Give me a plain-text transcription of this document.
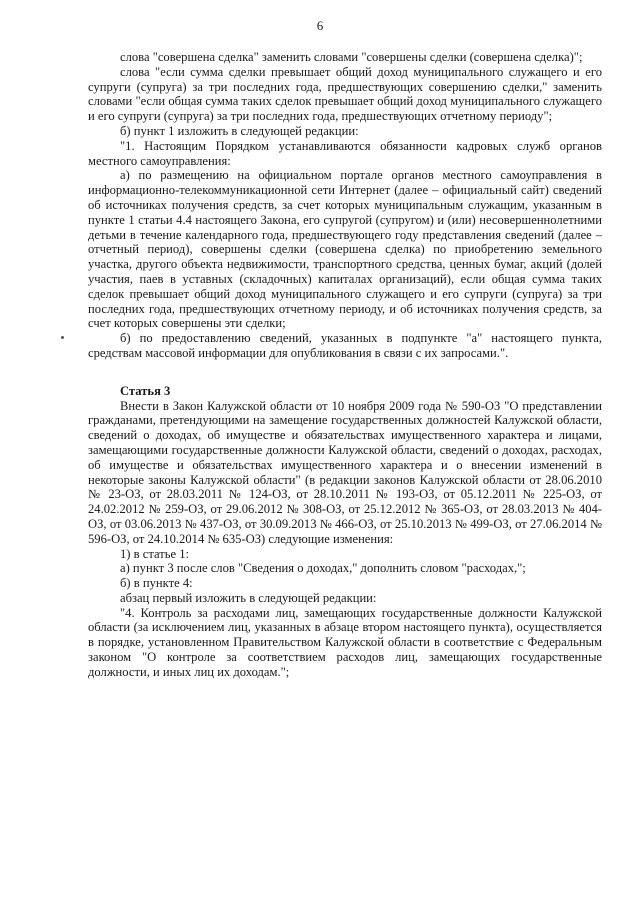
6

слова "совершена сделка" заменить словами "совершены сделки (совершена сделка)";

слова "если сумма сделки превышает общий доход муниципального служащего и его супруги (супруга) за три последних года, предшествующих совершению сделки," заменить словами "если общая сумма таких сделок превышает общий доход муниципального служащего и его супруги (супруга) за три последних года, предшествующих отчетному периоду";

б) пункт 1 изложить в следующей редакции:

"1. Настоящим Порядком устанавливаются обязанности кадровых служб органов местного самоуправления:

а) по размещению на официальном портале органов местного самоуправления в информационно-телекоммуникационной сети Интернет (далее – официальный сайт) сведений об источниках получения средств, за счет которых муниципальным служащим, указанным в пункте 1 статьи 4.4 настоящего Закона, его супругой (супругом) и (или) несовершеннолетними детьми в течение календарного года, предшествующего году представления сведений (далее – отчетный период), совершены сделки (совершена сделка) по приобретению земельного участка, другого объекта недвижимости, транспортного средства, ценных бумаг, акций (долей участия, паев в уставных (складочных) капиталах организаций), если общая сумма таких сделок превышает общий доход муниципального служащего и его супруги (супруга) за три последних года, предшествующих отчетному периоду, и об источниках получения средств, за счет которых совершены эти сделки;

б) по предоставлению сведений, указанных в подпункте "а" настоящего пункта, средствам массовой информации для опубликования в связи с их запросами.".

Статья 3

Внести в Закон Калужской области от 10 ноября 2009 года № 590-ОЗ "О представлении гражданами, претендующими на замещение государственных должностей Калужской области, сведений о доходах, об имуществе и обязательствах имущественного характера и лицами, замещающими государственные должности Калужской области, сведений о доходах, расходах, об имуществе и обязательствах имущественного характера и о внесении изменений в некоторые законы Калужской области" (в редакции законов Калужской области от 28.06.2010 № 23-ОЗ, от 28.03.2011 № 124-ОЗ, от 28.10.2011 № 193-ОЗ, от 05.12.2011 № 225-ОЗ, от 24.02.2012 № 259-ОЗ, от 29.06.2012 № 308-ОЗ, от 25.12.2012 № 365-ОЗ, от 28.03.2013 № 404-ОЗ, от 03.06.2013 № 437-ОЗ, от 30.09.2013 № 466-ОЗ, от 25.10.2013 № 499-ОЗ, от 27.06.2014 № 596-ОЗ, от 24.10.2014 № 635-ОЗ) следующие изменения:

1) в статье 1:

а) пункт 3 после слов "Сведения о доходах," дополнить словом "расходах,";

б) в пункте 4:

абзац первый изложить в следующей редакции:

"4. Контроль за расходами лиц, замещающих государственные должности Калужской области (за исключением лиц, указанных в абзаце втором настоящего пункта), осуществляется в порядке, установленном Правительством Калужской области в соответствие с Федеральным законом "О контроле за соответствием расходов лиц, замещающих государственные должности, и иных лиц их доходам.";
